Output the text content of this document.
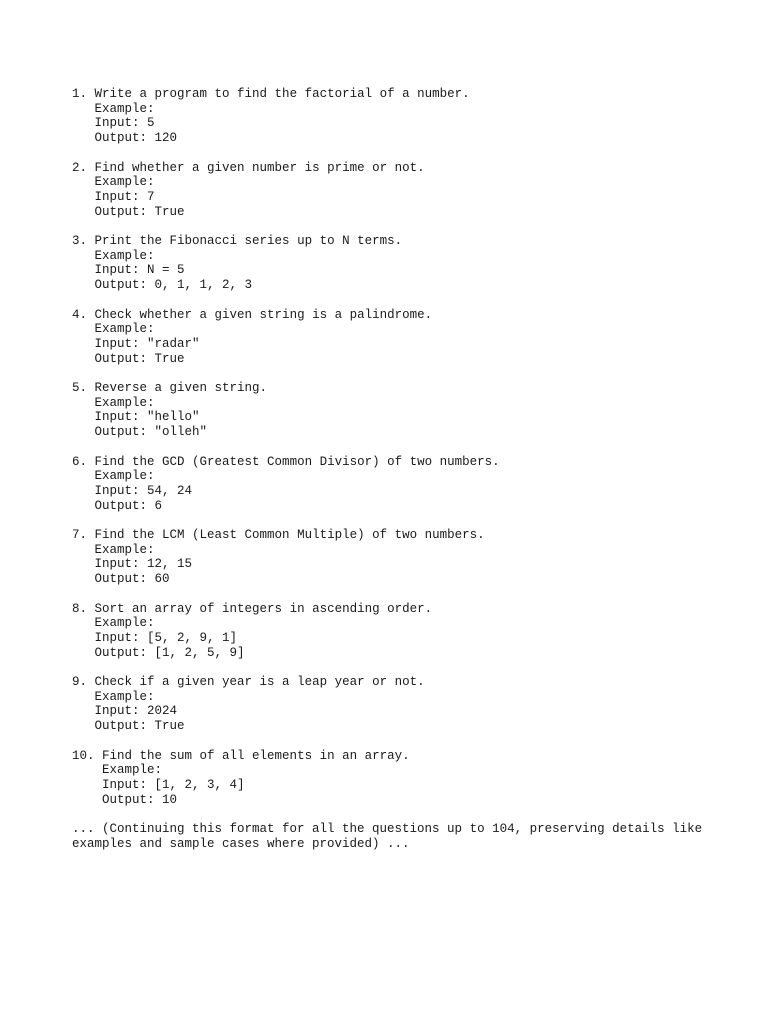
1. Write a program to find the factorial of a number.
Example:
Input: 5
Output: 120
2. Find whether a given number is prime or not.
Example:
Input: 7
Output: True
3. Print the Fibonacci series up to N terms.
Example:
Input: N = 5
Output: 0, 1, 1, 2, 3
4. Check whether a given string is a palindrome.
Example:
Input: "radar"
Output: True
5. Reverse a given string.
Example:
Input: "hello"
Output: "olleh"
6. Find the GCD (Greatest Common Divisor) of two numbers.
Example:
Input: 54, 24
Output: 6
7. Find the LCM (Least Common Multiple) of two numbers.
Example:
Input: 12, 15
Output: 60
8. Sort an array of integers in ascending order.
Example:
Input: [5, 2, 9, 1]
Output: [1, 2, 5, 9]
9. Check if a given year is a leap year or not.
Example:
Input: 2024
Output: True
10. Find the sum of all elements in an array.
Example:
Input: [1, 2, 3, 4]
Output: 10

... (Continuing this format for all the questions up to 104, preserving details like examples and sample cases where provided) ...
